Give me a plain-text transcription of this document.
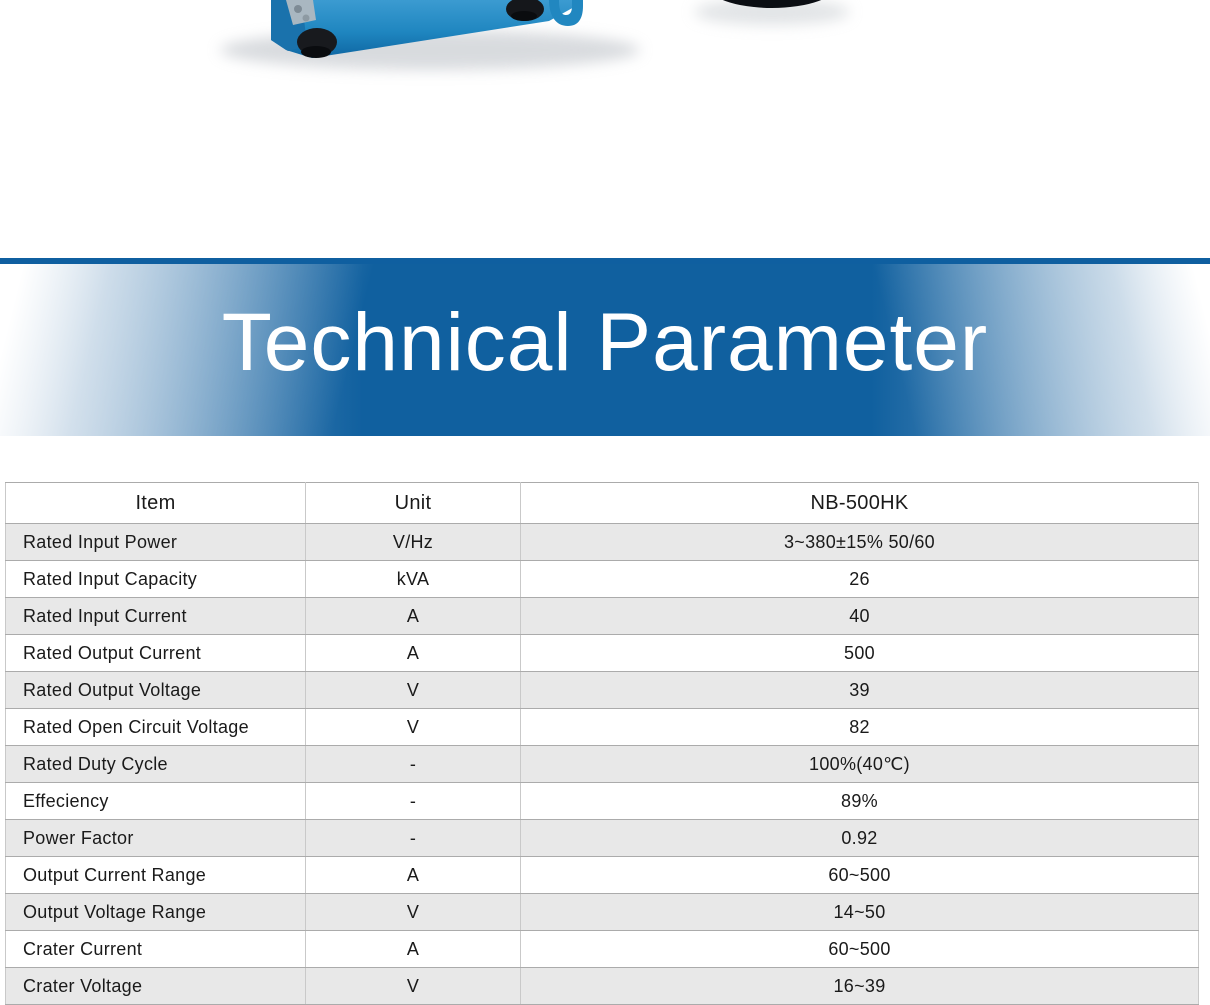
Technical Parameter
Item	Unit	NB-500HK
Rated Input Power	V/Hz	3~380±15% 50/60
Rated Input Capacity	kVA	26
Rated Input Current	A	40
Rated Output Current	A	500
Rated Output Voltage	V	39
Rated Open Circuit Voltage	V	82
Rated Duty Cycle	-	100%(40℃)
Effeciency	-	89%
Power Factor	-	0.92
Output Current Range	A	60~500
Output Voltage Range	V	14~50
Crater Current	A	60~500
Crater Voltage	V	16~39
